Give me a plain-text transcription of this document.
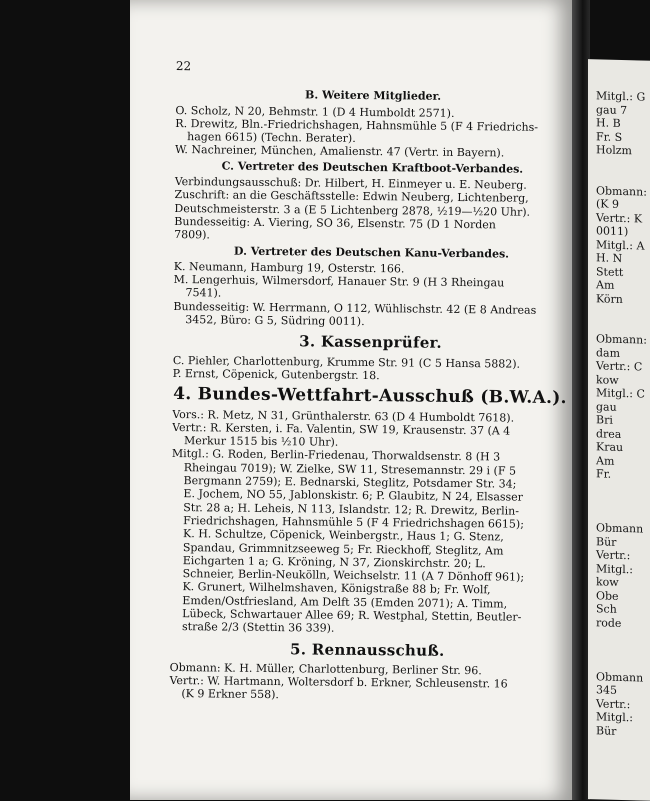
Mitgl.: G
gau 7
H. B
Fr. S
Holzm

Obmann:
(K 9
Vertr.: K
0011)
Mitgl.: A
H. N
Stett
Am
Körn

Obmann:
dam
Vertr.: C
kow
Mitgl.: C
gau
Bri
drea
Krau
Am
Fr.

Obmann
Bür
Vertr.:
Mitgl.:
kow
Obe
Sch
rode

Obmann
345
Vertr.:
Mitgl.:
Bür
22
B. Weitere Mitglieder.
O. Scholz, N 20, Behmstr. 1 (D 4 Humboldt 2571).
R. Drewitz, Bln.-Friedrichshagen, Hahnsmühle 5 (F 4 Friedrichs-
hagen 6615) (Techn. Berater).
W. Nachreiner, München, Amalienstr. 47 (Vertr. in Bayern).
C. Vertreter des Deutschen Kraftboot-Verbandes.
Verbindungsausschuß: Dr. Hilbert, H. Einmeyer u. E. Neuberg.
Zuschrift: an die Geschäftsstelle: Edwin Neuberg, Lichtenberg,
Deutschmeisterstr. 3 a (E 5 Lichtenberg 2878, ½19—½20 Uhr).
Bundesseitig: A. Viering, SO 36, Elsenstr. 75 (D 1 Norden
7809).
D. Vertreter des Deutschen Kanu-Verbandes.
K. Neumann, Hamburg 19, Osterstr. 166.
M. Lengerhuis, Wilmersdorf, Hanauer Str. 9 (H 3 Rheingau
7541).
Bundesseitig: W. Herrmann, O 112, Wühlischstr. 42 (E 8 Andreas
3452, Büro: G 5, Südring 0011).
3. Kassenprüfer.
C. Piehler, Charlottenburg, Krumme Str. 91 (C 5 Hansa 5882).
P. Ernst, Cöpenick, Gutenbergstr. 18.
4. Bundes-Wettfahrt-Ausschuß (B.W.A.).
Vors.: R. Metz, N 31, Grünthalerstr. 63 (D 4 Humboldt 7618).
Vertr.: R. Kersten, i. Fa. Valentin, SW 19, Krausenstr. 37 (A 4
Merkur 1515 bis ½10 Uhr).
Mitgl.: G. Roden, Berlin-Friedenau, Thorwaldsenstr. 8 (H 3
Rheingau 7019); W. Zielke, SW 11, Stresemannstr. 29 i (F 5
Bergmann 2759); E. Bednarski, Steglitz, Potsdamer Str. 34;
E. Jochem, NO 55, Jablonskistr. 6; P. Glaubitz, N 24, Elsasser
Str. 28 a; H. Leheis, N 113, Islandstr. 12; R. Drewitz, Berlin-
Friedrichshagen, Hahnsmühle 5 (F 4 Friedrichshagen 6615);
K. H. Schultze, Cöpenick, Weinbergstr., Haus 1; G. Stenz,
Spandau, Grimmnitzseeweg 5; Fr. Rieckhoff, Steglitz, Am
Eichgarten 1 a; G. Kröning, N 37, Zionskirchstr. 20; L.
Schneier, Berlin-Neukölln, Weichselstr. 11 (A 7 Dönhoff 961);
K. Grunert, Wilhelmshaven, Königstraße 88 b; Fr. Wolf,
Emden/Ostfriesland, Am Delft 35 (Emden 2071); A. Timm,
Lübeck, Schwartauer Allee 69; R. Westphal, Stettin, Beutler-
straße 2/3 (Stettin 36 339).
5. Rennausschuß.
Obmann: K. H. Müller, Charlottenburg, Berliner Str. 96.
Vertr.: W. Hartmann, Woltersdorf b. Erkner, Schleusenstr. 16
(K 9 Erkner 558).
